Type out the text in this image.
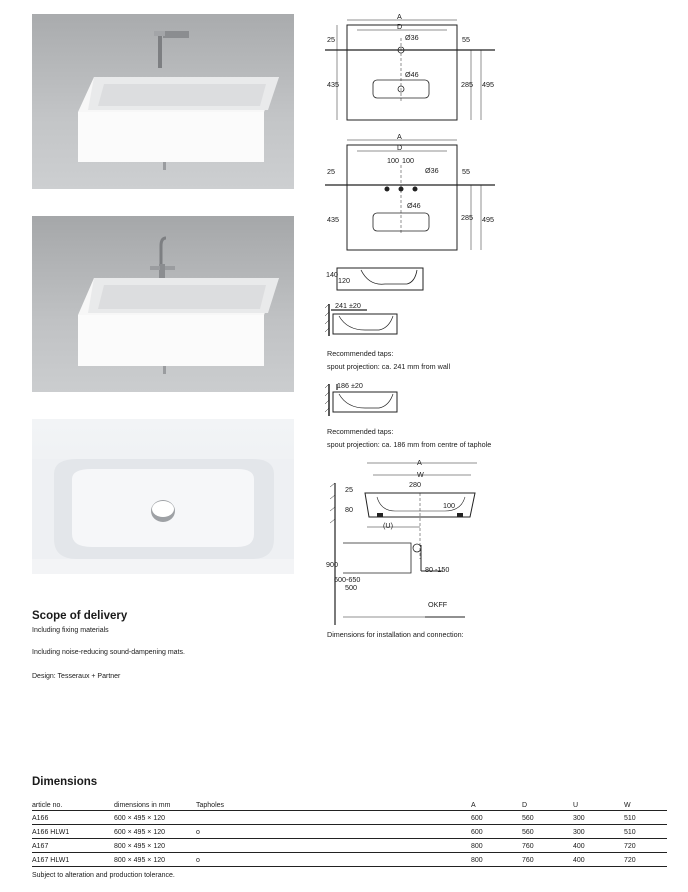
A
D
Ø36
Ø46
25	55
435	285 495
A
D
100 100
Ø36
Ø46
25	55
435	285 495
140
120
241 ±20
Recommended taps:
spout projection: ca. 241 mm from wall
186 ±20
Recommended taps:
spout projection: ca. 186 mm from centre of taphole
A
W
280
25
80	100
(U)
900
600-650
500
80 -150
OKFF
Dimensions for installation and connection:
Scope of delivery
Including fixing materials
Including noise-reducing sound-dampening mats.
Design: Tesseraux + Partner
Dimensions
article no.	dimensions in mm	Tapholes	A	D	U	W
A166	600 × 495 × 120		600	560	300	510
A166 HLW1	600 × 495 × 120	o	600	560	300	510
A167	800 × 495 × 120		800	760	400	720
A167 HLW1	800 × 495 × 120	o	800	760	400	720
Subject to alteration and production tolerance.
